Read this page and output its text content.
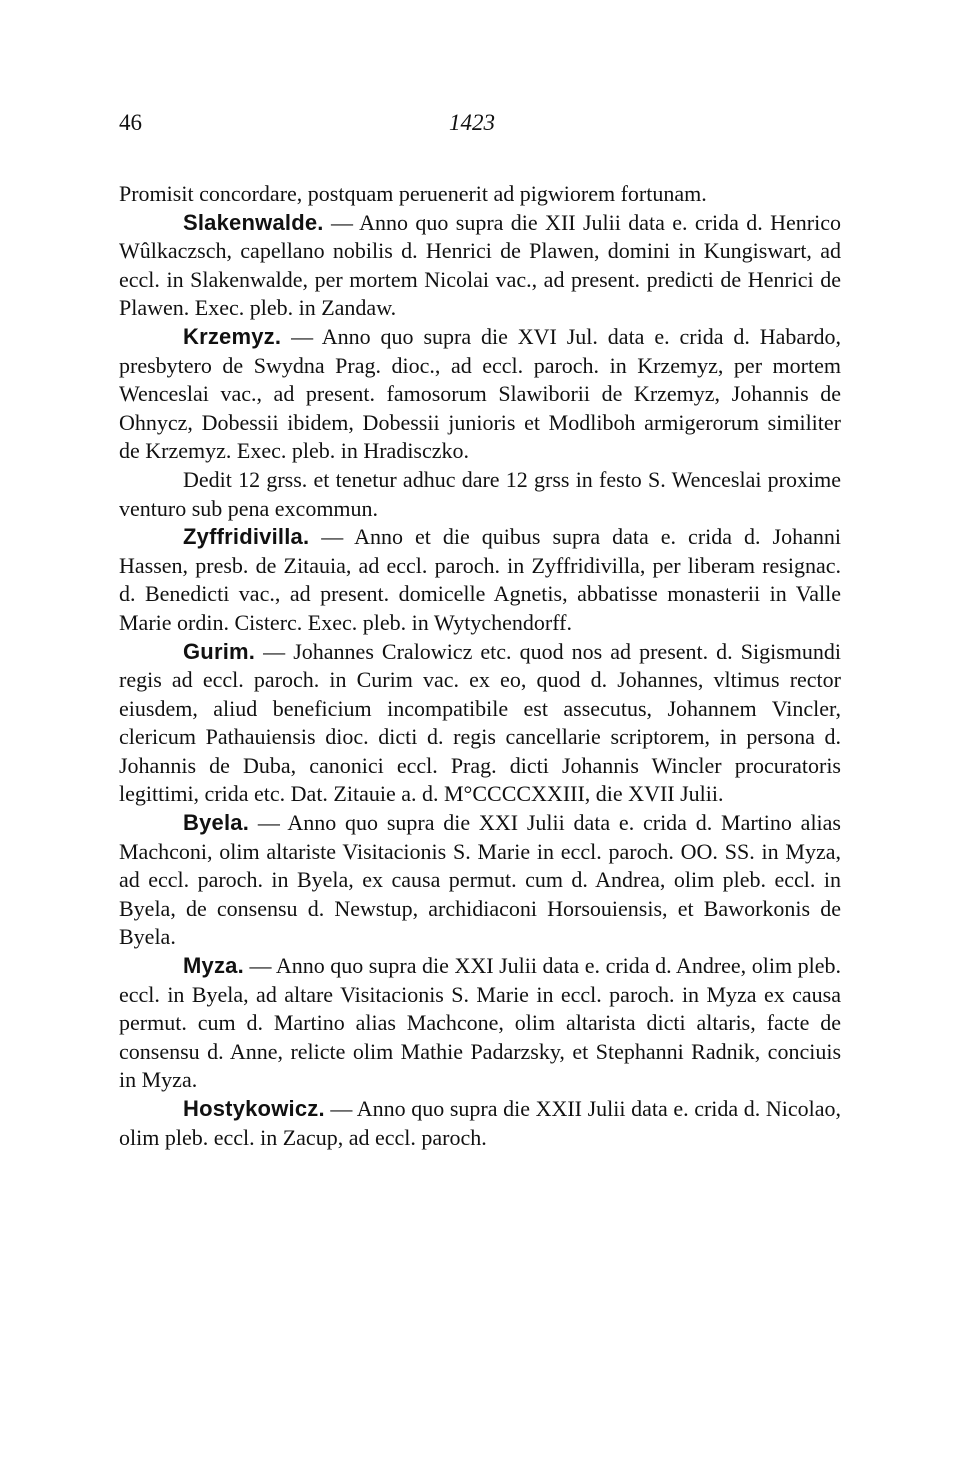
46	1423

Promisit concordare, postquam peruenerit ad pigwiorem fortunam.

Slakenwalde. — Anno quo supra die XII Julii data e. crida d. Henrico Wûlkaczsch, capellano nobilis d. Henrici de Plawen, domini in Kungiswart, ad eccl. in Slakenwalde, per mortem Nicolai vac., ad present. predicti de Henrici de Plawen. Exec. pleb. in Zandaw.

Krzemyz. — Anno quo supra die XVI Jul. data e. crida d. Habardo, presbytero de Swydna Prag. dioc., ad eccl. paroch. in Krzemyz, per mortem Wenceslai vac., ad present. famosorum Slawiborii de Krzemyz, Johannis de Ohnycz, Dobessii ibidem, Dobessii junioris et Modliboh armigerorum similiter de Krzemyz. Exec. pleb. in Hradisczko.

Dedit 12 grss. et tenetur adhuc dare 12 grss in festo S. Wenceslai proxime venturo sub pena excommun.

Zyffridivilla. — Anno et die quibus supra data e. crida d. Johanni Hassen, presb. de Zitauia, ad eccl. paroch. in Zyffridivilla, per liberam resignac. d. Benedicti vac., ad present. domicelle Agnetis, abbatisse monasterii in Valle Marie ordin. Cisterc. Exec. pleb. in Wytychendorff.

Gurim. — Johannes Cralowicz etc. quod nos ad present. d. Sigismundi regis ad eccl. paroch. in Curim vac. ex eo, quod d. Johannes, vltimus rector eiusdem, aliud beneficium incompatibile est assecutus, Johannem Vincler, clericum Pathauiensis dioc. dicti d. regis cancellarie scriptorem, in persona d. Johannis de Duba, canonici eccl. Prag. dicti Johannis Wincler procuratoris legittimi, crida etc. Dat. Zitauie a. d. M°CCCCXXIII, die XVII Julii.

Byela. — Anno quo supra die XXI Julii data e. crida d. Martino alias Machconi, olim altariste Visitacionis S. Marie in eccl. paroch. OO. SS. in Myza, ad eccl. paroch. in Byela, ex causa permut. cum d. Andrea, olim pleb. eccl. in Byela, de consensu d. Newstup, archidiaconi Horsouiensis, et Baworkonis de Byela.

Myza. — Anno quo supra die XXI Julii data e. crida d. Andree, olim pleb. eccl. in Byela, ad altare Visitacionis S. Marie in eccl. paroch. in Myza ex causa permut. cum d. Martino alias Machcone, olim altarista dicti altaris, facte de consensu d. Anne, relicte olim Mathie Padarzsky, et Stephanni Radnik, conciuis in Myza.

Hostykowicz. — Anno quo supra die XXII Julii data e. crida d. Nicolao, olim pleb. eccl. in Zacup, ad eccl. paroch.
